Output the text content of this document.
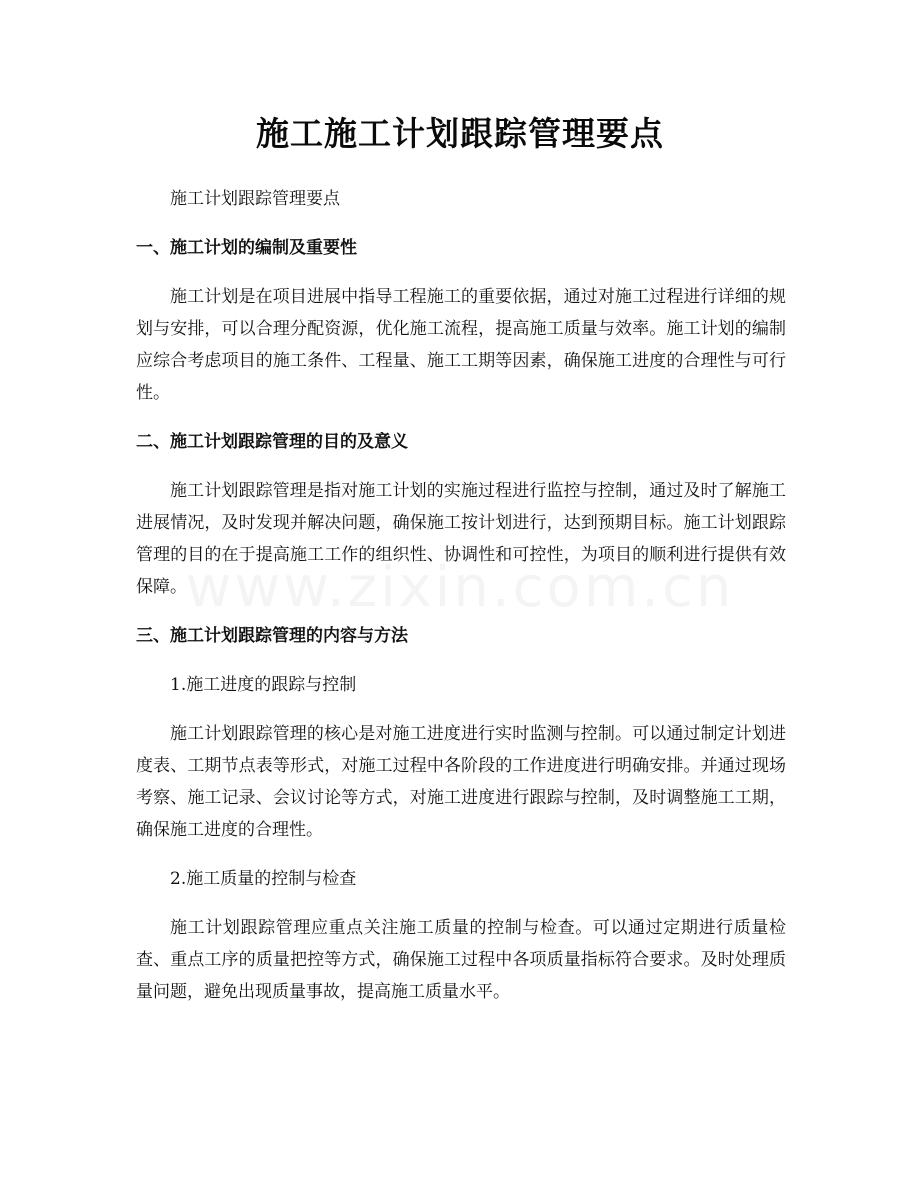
施工施工计划跟踪管理要点

施工计划跟踪管理要点

一、施工计划的编制及重要性

施工计划是在项目进展中指导工程施工的重要依据，通过对施工过程进行详细的规划与安排，可以合理分配资源，优化施工流程，提高施工质量与效率。施工计划的编制应综合考虑项目的施工条件、工程量、施工工期等因素，确保施工进度的合理性与可行性。

二、施工计划跟踪管理的目的及意义

施工计划跟踪管理是指对施工计划的实施过程进行监控与控制，通过及时了解施工进展情况，及时发现并解决问题，确保施工按计划进行，达到预期目标。施工计划跟踪管理的目的在于提高施工工作的组织性、协调性和可控性，为项目的顺利进行提供有效保障。

三、施工计划跟踪管理的内容与方法

1.施工进度的跟踪与控制

施工计划跟踪管理的核心是对施工进度进行实时监测与控制。可以通过制定计划进度表、工期节点表等形式，对施工过程中各阶段的工作进度进行明确安排。并通过现场考察、施工记录、会议讨论等方式，对施工进度进行跟踪与控制，及时调整施工工期，确保施工进度的合理性。

2.施工质量的控制与检查

施工计划跟踪管理应重点关注施工质量的控制与检查。可以通过定期进行质量检查、重点工序的质量把控等方式，确保施工过程中各项质量指标符合要求。及时处理质量问题，避免出现质量事故，提高施工质量水平。
